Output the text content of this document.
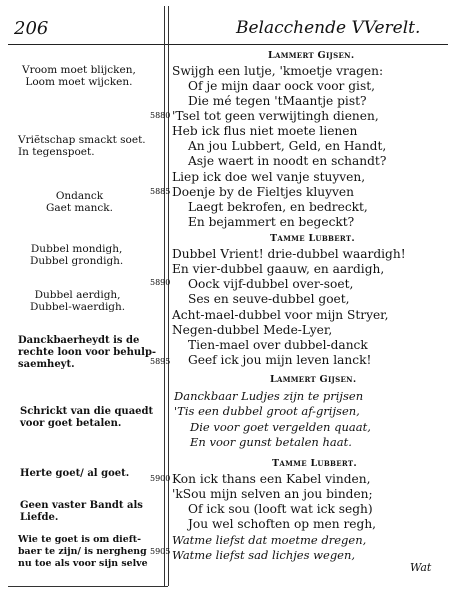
206	Belacchende VVerelt.
Vroom moet blijcken,
Loom moet wijcken.
Vriẽtschap smackt soet.
In tegenspoet.
Ondanck
Gaet manck.
Dubbel mondigh,
Dubbel grondigh.
Dubbel aerdigh,
Dubbel-waerdigh.
Danckbaerheydt is de
rechte loon voor behulp-
saemheyt.
Schrickt van die quaedt
voor goet betalen.
Herte goet/ al goet.
Geen vaster Bandt als
Liefde.
Wie te goet is om dieft-
baer te zijn/ is nergheng
nu toe als voor sijn selve
5880
5885
5890
5895
5900
5905
Lammert Gijsen.
Tamme Lubbert.
Lammert Gijsen.
Tamme Lubbert.
Swijgh een lutje, 'kmoetje vragen:
Of je mijn daar oock voor gist,
Die mé tegen 'tMaantje pist?
'Tsel tot geen verwijtingh dienen,
Heb ick flus niet moete lienen
An jou Lubbert, Geld, en Handt,
Asje waert in noodt en schandt?
Liep ick doe wel vanje stuyven,
Doenje by de Fieltjes kluyven
Laegt bekrofen, en bedreckt,
En bejammert en begeckt?
Dubbel Vrient! drie-dubbel waardigh!
En vier-dubbel gaauw, en aardigh,
Oock vijf-dubbel over-soet,
Ses en seuve-dubbel goet,
Acht-mael-dubbel voor mijn Stryer,
Negen-dubbel Mede-Lyer,
Tien-mael over dubbel-danck
Geef ick jou mijn leven lanck!
Danckbaar Ludjes zijn te prijsen
'Tis een dubbel groot af-grijsen,
Die voor goet vergelden quaat,
En voor gunst betalen haat.
Kon ick thans een Kabel vinden,
'kSou mijn selven an jou binden;
Of ick sou (looft wat ick segh)
Jou wel schoften op men regh,
Watme liefst dat moetme dregen,
Watme liefst sad lichjes wegen,
Wat
